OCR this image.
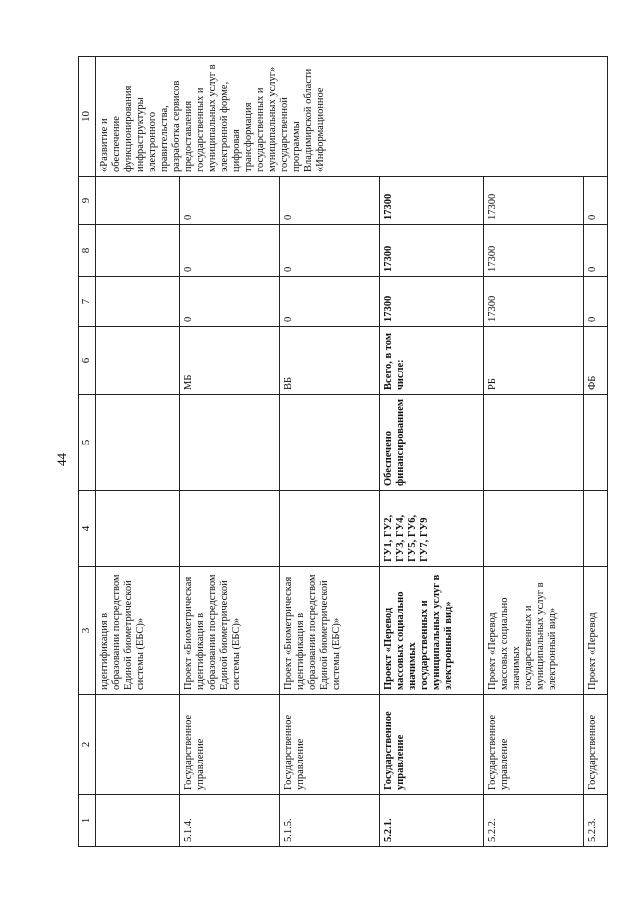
44
1	2	3	4	5	6	7	8	9	10
		идентификация в образовании посредством Единой биометрической системы (ЕБС)»							«Развитие и обеспечение функционирования инфраструктуры электронного правительства, разработка сервисов предоставления государственных и муниципальных услуг в электронной форме, цифровая трансформация государственных и муниципальных услуг» государственной программы Владимирской области «Информационное
5.1.4.	Государственное управление	Проект «Биометрическая идентификация в образовании посредством Единой биометрической системы (ЕБС)»			МБ	0	0	0	
5.1.5.	Государственное управление	Проект «Биометрическая идентификация в образовании посредством Единой биометрической системы (ЕБС)»			ВБ	0	0	0	
5.2.1.	Государственное управление	Проект «Перевод массовых социально значимых государственных и муниципальных услуг в электронный вид»	ГУ1, ГУ2, ГУ3, ГУ4, ГУ5, ГУ6, ГУ7, ГУ9	Обеспечено финансированием	Всего, в том числе:	17300	17300	17300	
5.2.2.	Государственное управление	Проект «Перевод массовых социально значимых государственных и муниципальных услуг в электронный вид»			РБ	17300	17300	17300	
5.2.3.	Государственное	Проект «Перевод			ФБ	0	0	0	
